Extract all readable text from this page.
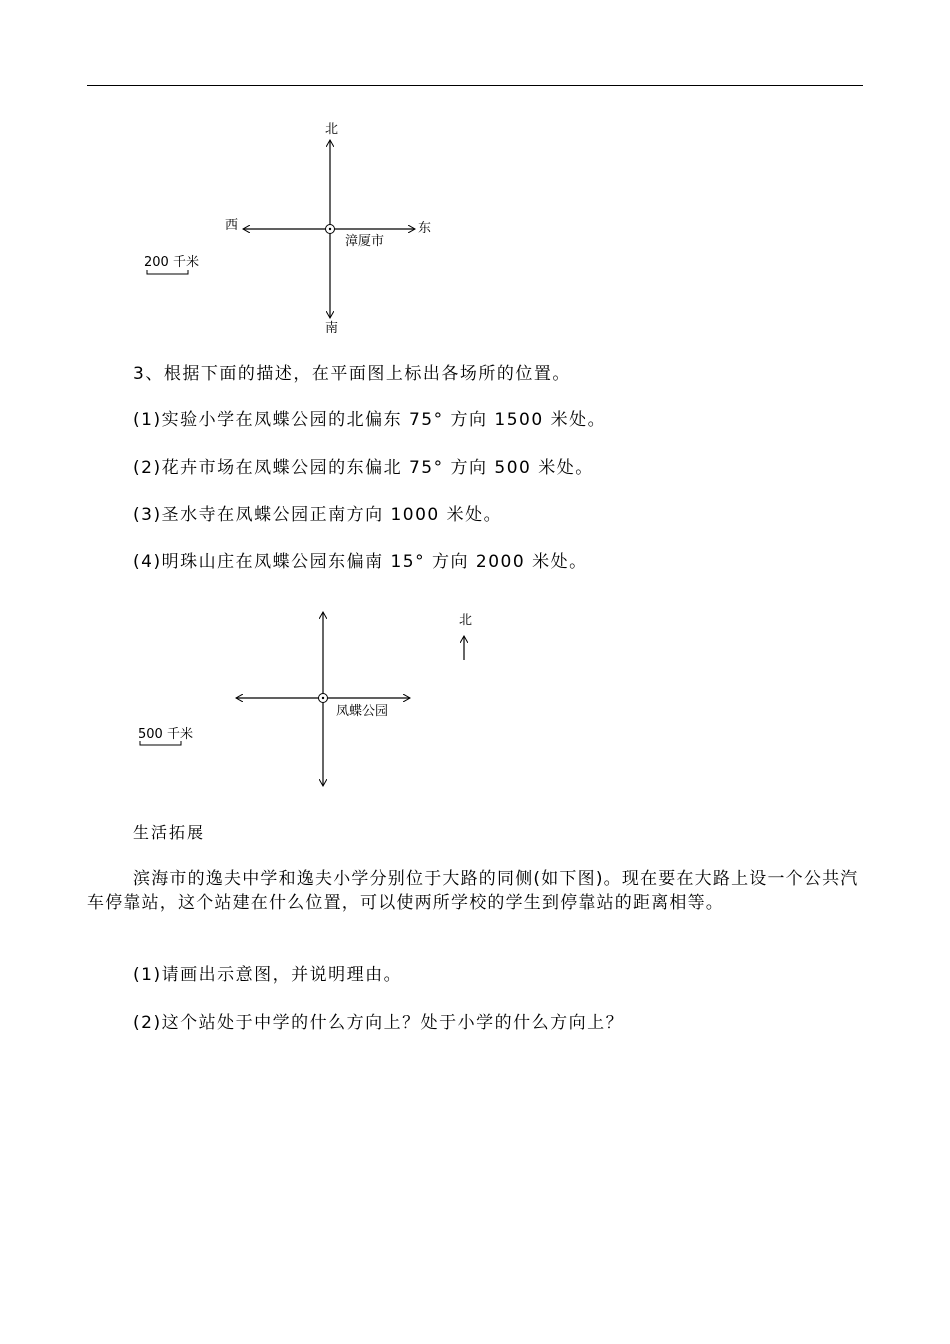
北
南
西	东
漳厦市
200 千米
3、根据下面的描述，在平面图上标出各场所的位置。
(1)实验小学在凤蝶公园的北偏东 75° 方向 1500 米处。
(2)花卉市场在凤蝶公园的东偏北 75° 方向 500 米处。
(3)圣水寺在凤蝶公园正南方向 1000 米处。
(4)明珠山庄在凤蝶公园东偏南 15° 方向 2000 米处。
凤蝶公园
北
500 千米
生活拓展
滨海市的逸夫中学和逸夫小学分别位于大路的同侧(如下图)。现在要在大路上设一个公共汽车停靠站，这个站建在什么位置，可以使两所学校的学生到停靠站的距离相等。
(1)请画出示意图，并说明理由。
(2)这个站处于中学的什么方向上？处于小学的什么方向上？
